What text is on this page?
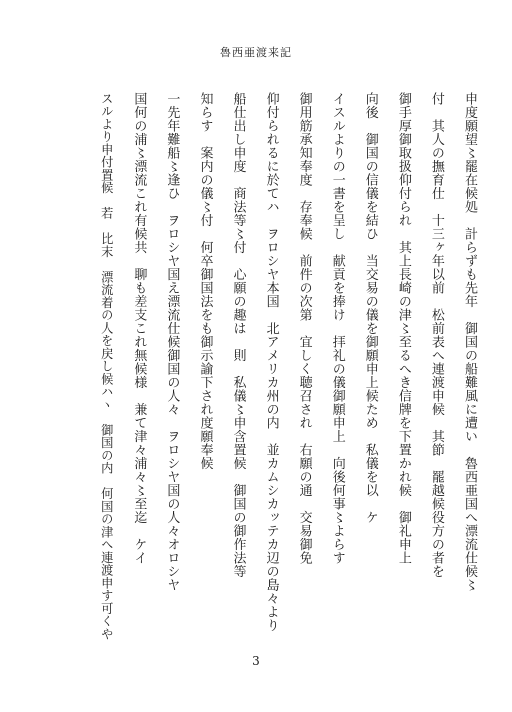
魯西亜渡来記
申度願望〻罷在候処　計らずも先年　御国の船難風に遭い　魯西亜国へ漂流仕候〻
付　其人の撫育仕　十三ヶ年以前　松前表へ連渡申候　其節　罷越候役方の者を
御手厚御取扱仰付られ　其上長崎の津〻至るへき信牌を下置かれ候　御礼申上
向後　御国の信儀を結ひ　当交易の儀を御願申上候ため　私儀を以　ケ
イスルよりの一書を呈し　献貢を捧け　拝礼の儀御願申上　向後何事〻よらす
御用筋承知奉度　存奉候　前件の次第　宜しく聴召され　右願の通　交易御免
仰付られるに於てハ　ヲロシヤ本国　北アメリカ州の内　並カムシカッテカ辺の島々より
船仕出し申度　商法等〻付　心願の趣は　則　私儀〻申含置候　御国の御作法等
知らす　案内の儀〻付　何卒御国法をも御示諭下され度願奉候
一先年難船〻逢ひ　ヲロシヤ国え漂流仕候御国の人々　ヲロシヤ国の人々オロシヤ
国何の浦〻漂流これ有候共　聊も差支これ無候様　兼て津々浦々〻至迄　ケイ
スルより申付置候　若　比末　漂流着の人を戻し候ハヽ　御国の内　何国の津へ連渡申す可くや
3
